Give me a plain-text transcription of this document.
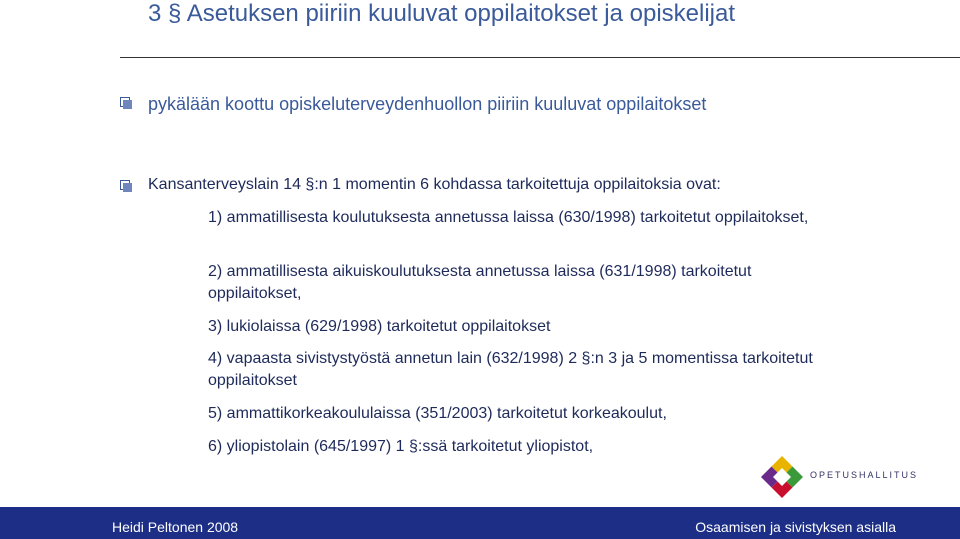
3 § Asetuksen piiriin kuuluvat oppilaitokset ja opiskelijat
pykälään koottu opiskeluterveydenhuollon piiriin kuuluvat oppilaitokset
Kansanterveyslain 14 §:n 1 momentin 6 kohdassa tarkoitettuja oppilaitoksia ovat:
1) ammatillisesta koulutuksesta annetussa laissa (630/1998) tarkoitetut oppilaitokset,
2) ammatillisesta aikuiskoulutuksesta annetussa laissa (631/1998) tarkoitetut oppilaitokset,
3) lukiolaissa (629/1998) tarkoitetut oppilaitokset
4) vapaasta sivistystyöstä annetun lain (632/1998) 2 §:n 3 ja 5 momentissa tarkoitetut oppilaitokset
5) ammattikorkeakoululaissa (351/2003) tarkoitetut korkeakoulut,
6) yliopistolain (645/1997) 1 §:ssä tarkoitetut yliopistot,
OPETUSHALLITUS
Heidi Peltonen 2008	Osaamisen ja sivistyksen asialla
